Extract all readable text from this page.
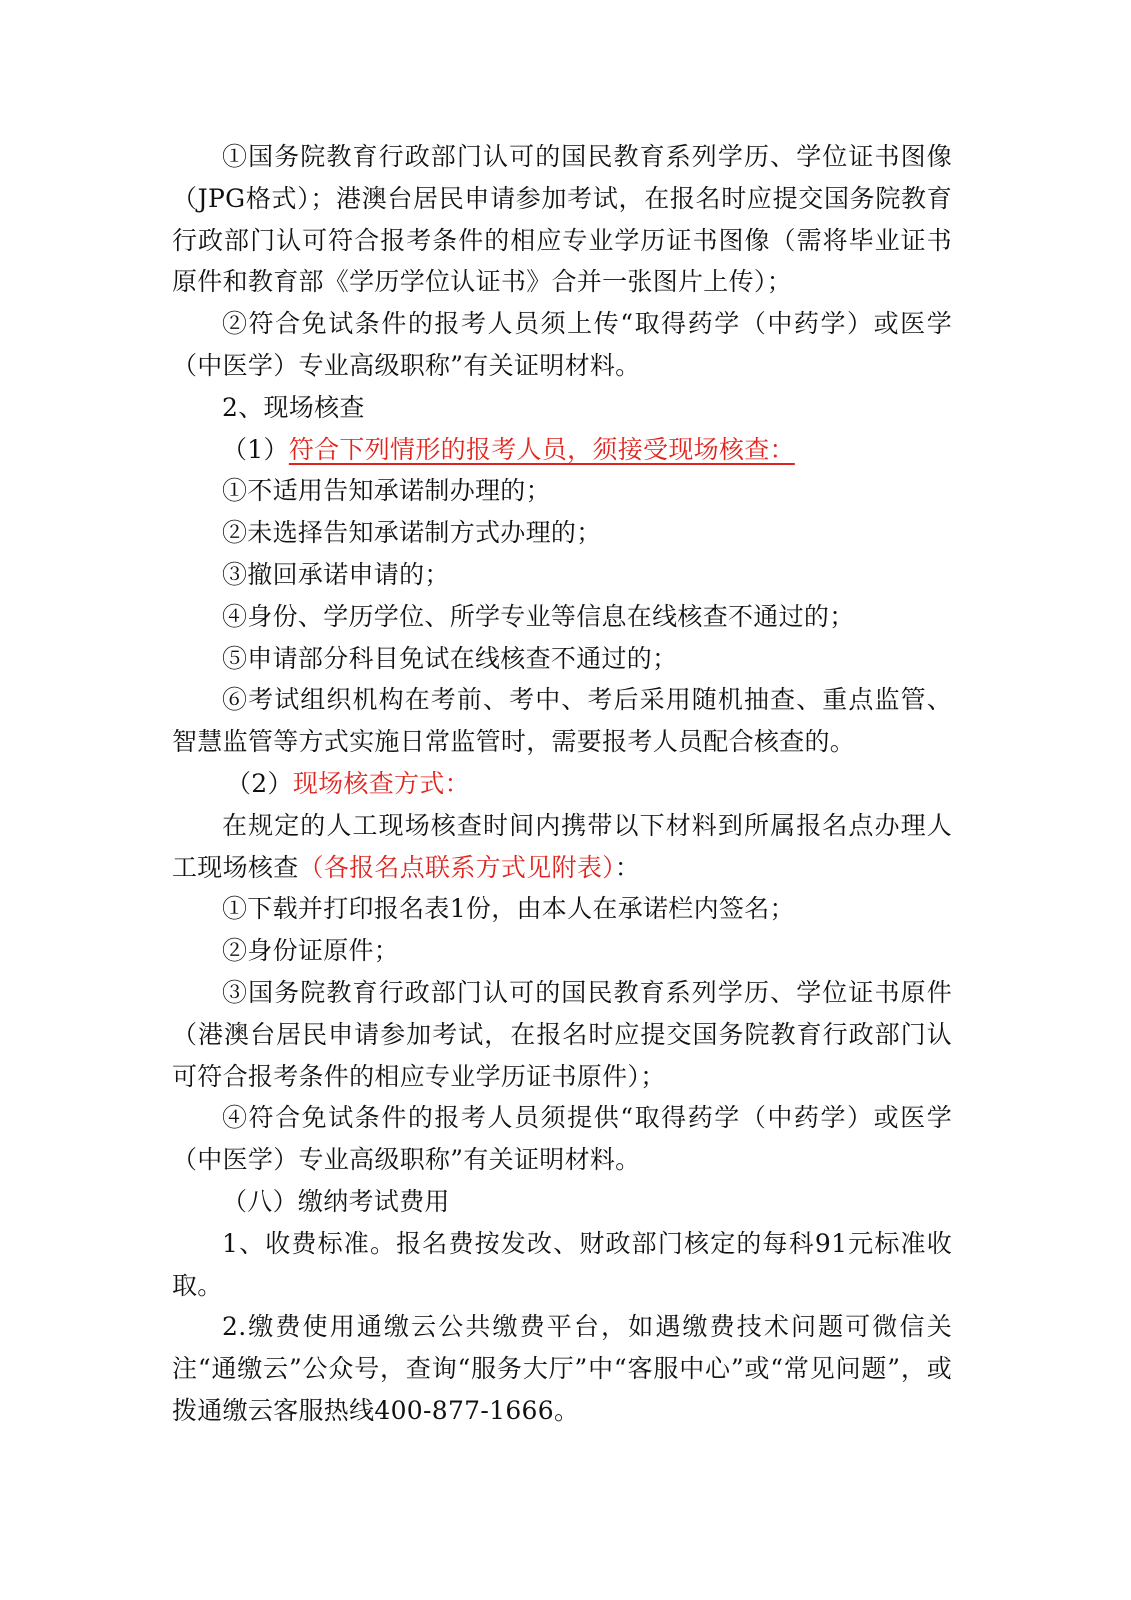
①国务院教育行政部门认可的国民教育系列学历、学位证书图像（JPG格式）；港澳台居民申请参加考试，在报名时应提交国务院教育行政部门认可符合报考条件的相应专业学历证书图像（需将毕业证书原件和教育部《学历学位认证书》合并一张图片上传）；

②符合免试条件的报考人员须上传“取得药学（中药学）或医学（中医学）专业高级职称”有关证明材料。

2、现场核查

（1）符合下列情形的报考人员，须接受现场核查：

①不适用告知承诺制办理的；

②未选择告知承诺制方式办理的；

③撤回承诺申请的；

④身份、学历学位、所学专业等信息在线核查不通过的；

⑤申请部分科目免试在线核查不通过的；

⑥考试组织机构在考前、考中、考后采用随机抽查、重点监管、智慧监管等方式实施日常监管时，需要报考人员配合核查的。

（2）现场核查方式：

在规定的人工现场核查时间内携带以下材料到所属报名点办理人工现场核查（各报名点联系方式见附表）：

①下载并打印报名表1份，由本人在承诺栏内签名；

②身份证原件；

③国务院教育行政部门认可的国民教育系列学历、学位证书原件（港澳台居民申请参加考试，在报名时应提交国务院教育行政部门认可符合报考条件的相应专业学历证书原件）；

④符合免试条件的报考人员须提供“取得药学（中药学）或医学（中医学）专业高级职称”有关证明材料。

（八）缴纳考试费用

1、收费标准。报名费按发改、财政部门核定的每科91元标准收取。

2.缴费使用通缴云公共缴费平台，如遇缴费技术问题可微信关注“通缴云”公众号，查询“服务大厅”中“客服中心”或“常见问题”，或拨通缴云客服热线400-877-1666。
